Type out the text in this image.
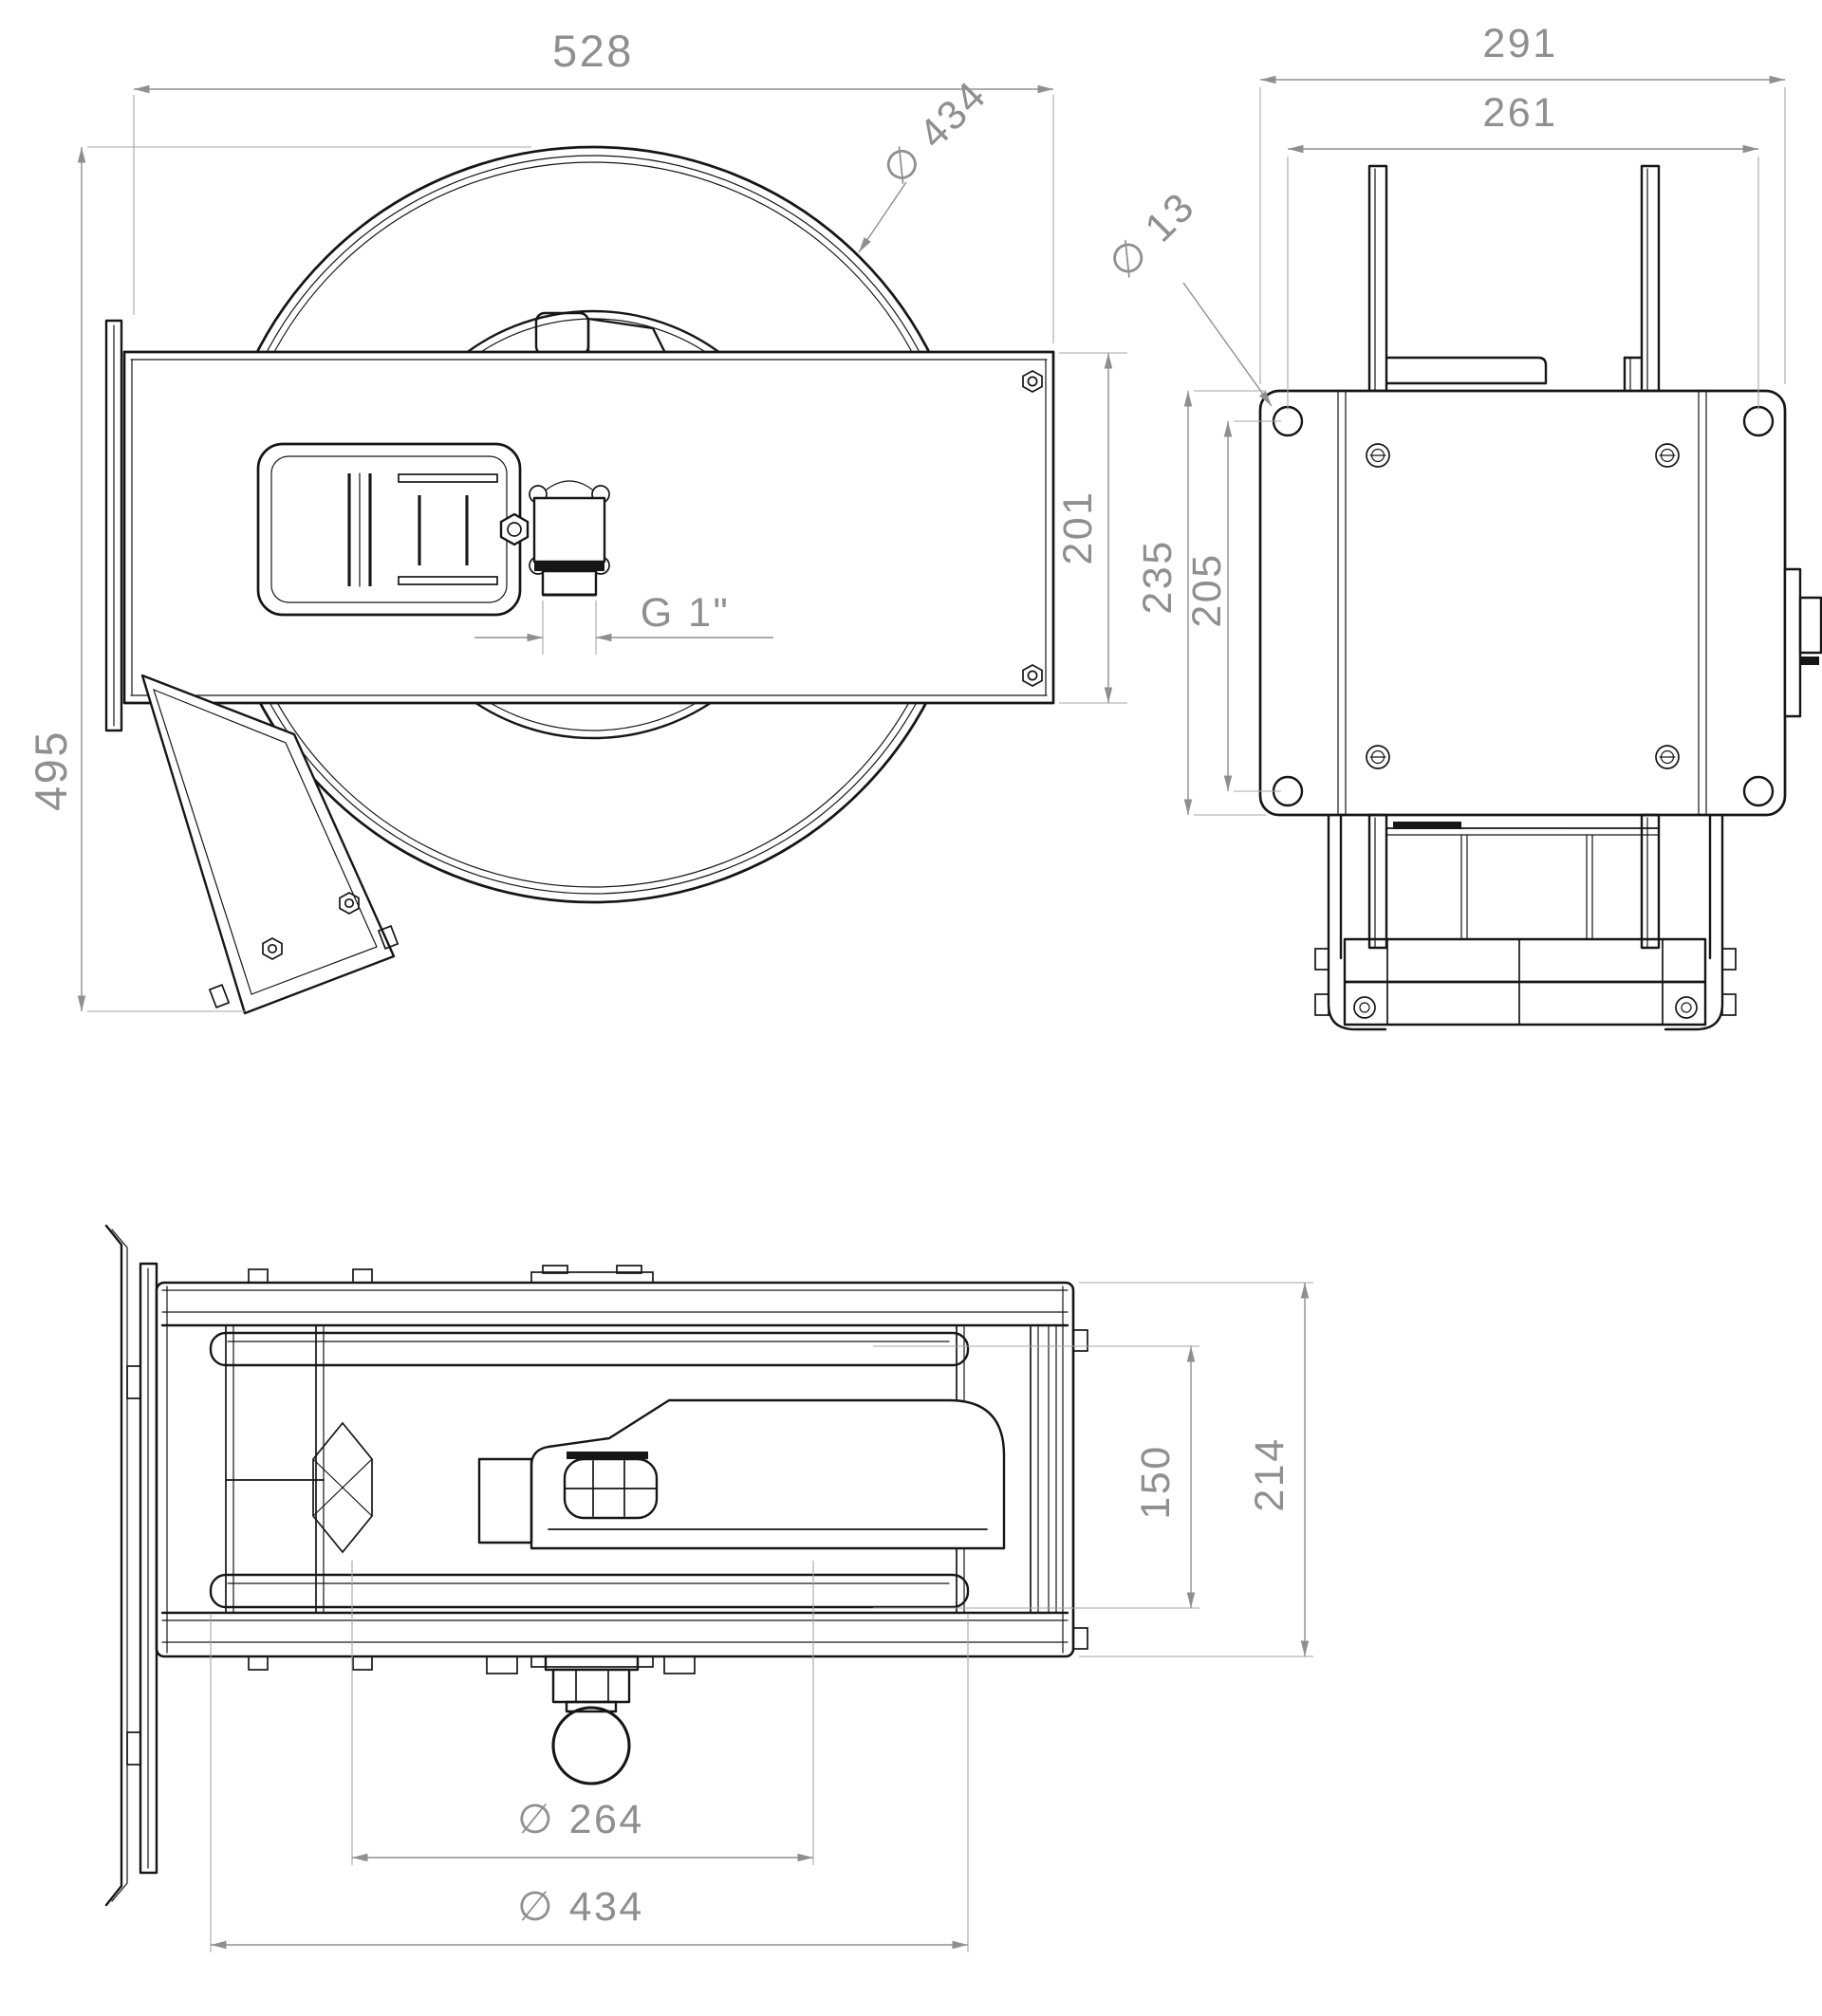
528
495
∅ 434
201
G 1"
291
261
∅ 13
235 205
150 214
∅ 264
∅ 434
